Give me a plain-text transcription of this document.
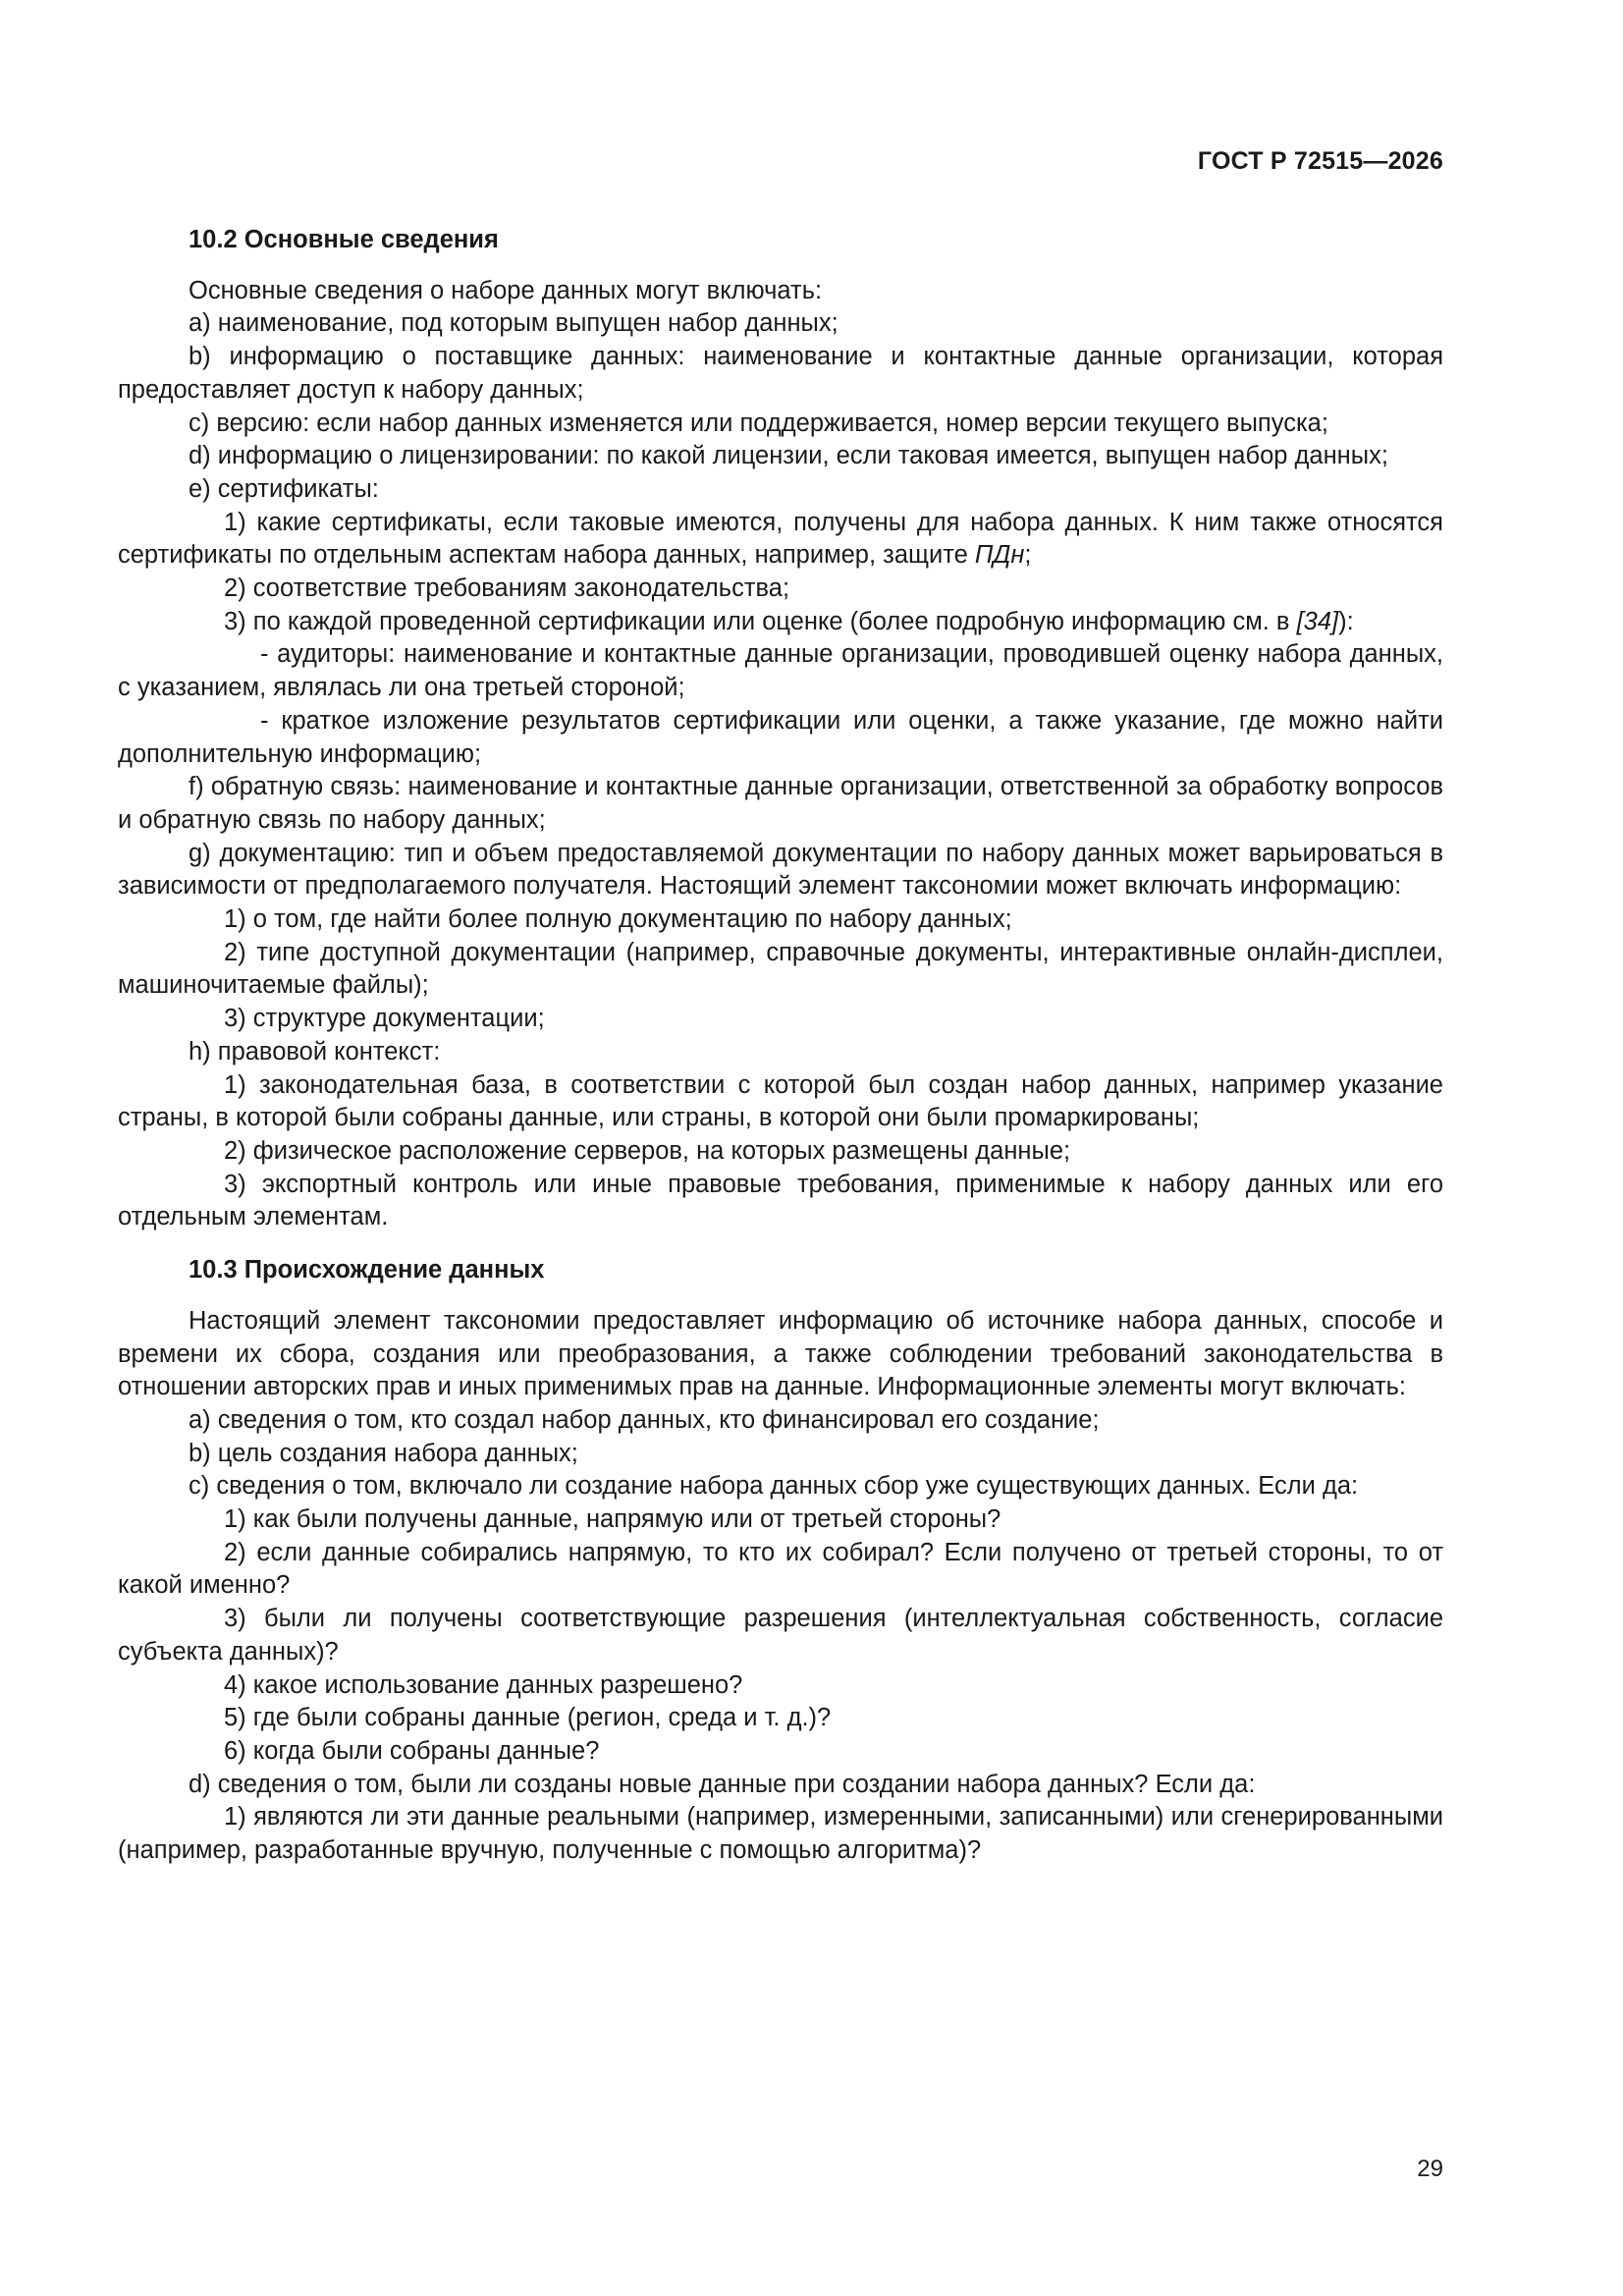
ГОСТ Р 72515—2026
10.2 Основные сведения

Основные сведения о наборе данных могут включать:

a) наименование, под которым выпущен набор данных;

b) информацию о поставщике данных: наименование и контактные данные организации, которая предоставляет доступ к набору данных;

c) версию: если набор данных изменяется или поддерживается, номер версии текущего выпуска;

d) информацию о лицензировании: по какой лицензии, если таковая имеется, выпущен набор данных;

e) сертификаты:

1) какие сертификаты, если таковые имеются, получены для набора данных. К ним также относятся сертификаты по отдельным аспектам набора данных, например, защите ПДн;

2) соответствие требованиям законодательства;

3) по каждой проведенной сертификации или оценке (более подробную информацию см. в [34]):

- аудиторы: наименование и контактные данные организации, проводившей оценку набора данных, с указанием, являлась ли она третьей стороной;

- краткое изложение результатов сертификации или оценки, а также указание, где можно найти дополнительную информацию;

f) обратную связь: наименование и контактные данные организации, ответственной за обработку вопросов и обратную связь по набору данных;

g) документацию: тип и объем предоставляемой документации по набору данных может варьироваться в зависимости от предполагаемого получателя. Настоящий элемент таксономии может включать информацию:

1) о том, где найти более полную документацию по набору данных;

2) типе доступной документации (например, справочные документы, интерактивные онлайн-дисплеи, машиночитаемые файлы);

3) структуре документации;

h) правовой контекст:

1) законодательная база, в соответствии с которой был создан набор данных, например указание страны, в которой были собраны данные, или страны, в которой они были промаркированы;

2) физическое расположение серверов, на которых размещены данные;

3) экспортный контроль или иные правовые требования, применимые к набору данных или его отдельным элементам.

10.3 Происхождение данных

Настоящий элемент таксономии предоставляет информацию об источнике набора данных, способе и времени их сбора, создания или преобразования, а также соблюдении требований законодательства в отношении авторских прав и иных применимых прав на данные. Информационные элементы могут включать:

a) сведения о том, кто создал набор данных, кто финансировал его создание;

b) цель создания набора данных;

c) сведения о том, включало ли создание набора данных сбор уже существующих данных. Если да:

1) как были получены данные, напрямую или от третьей стороны?

2) если данные собирались напрямую, то кто их собирал? Если получено от третьей стороны, то от какой именно?

3) были ли получены соответствующие разрешения (интеллектуальная собственность, согласие субъекта данных)?

4) какое использование данных разрешено?

5) где были собраны данные (регион, среда и т. д.)?

6) когда были собраны данные?

d) сведения о том, были ли созданы новые данные при создании набора данных? Если да:

1) являются ли эти данные реальными (например, измеренными, записанными) или сгенерированными (например, разработанные вручную, полученные с помощью алгоритма)?

29
